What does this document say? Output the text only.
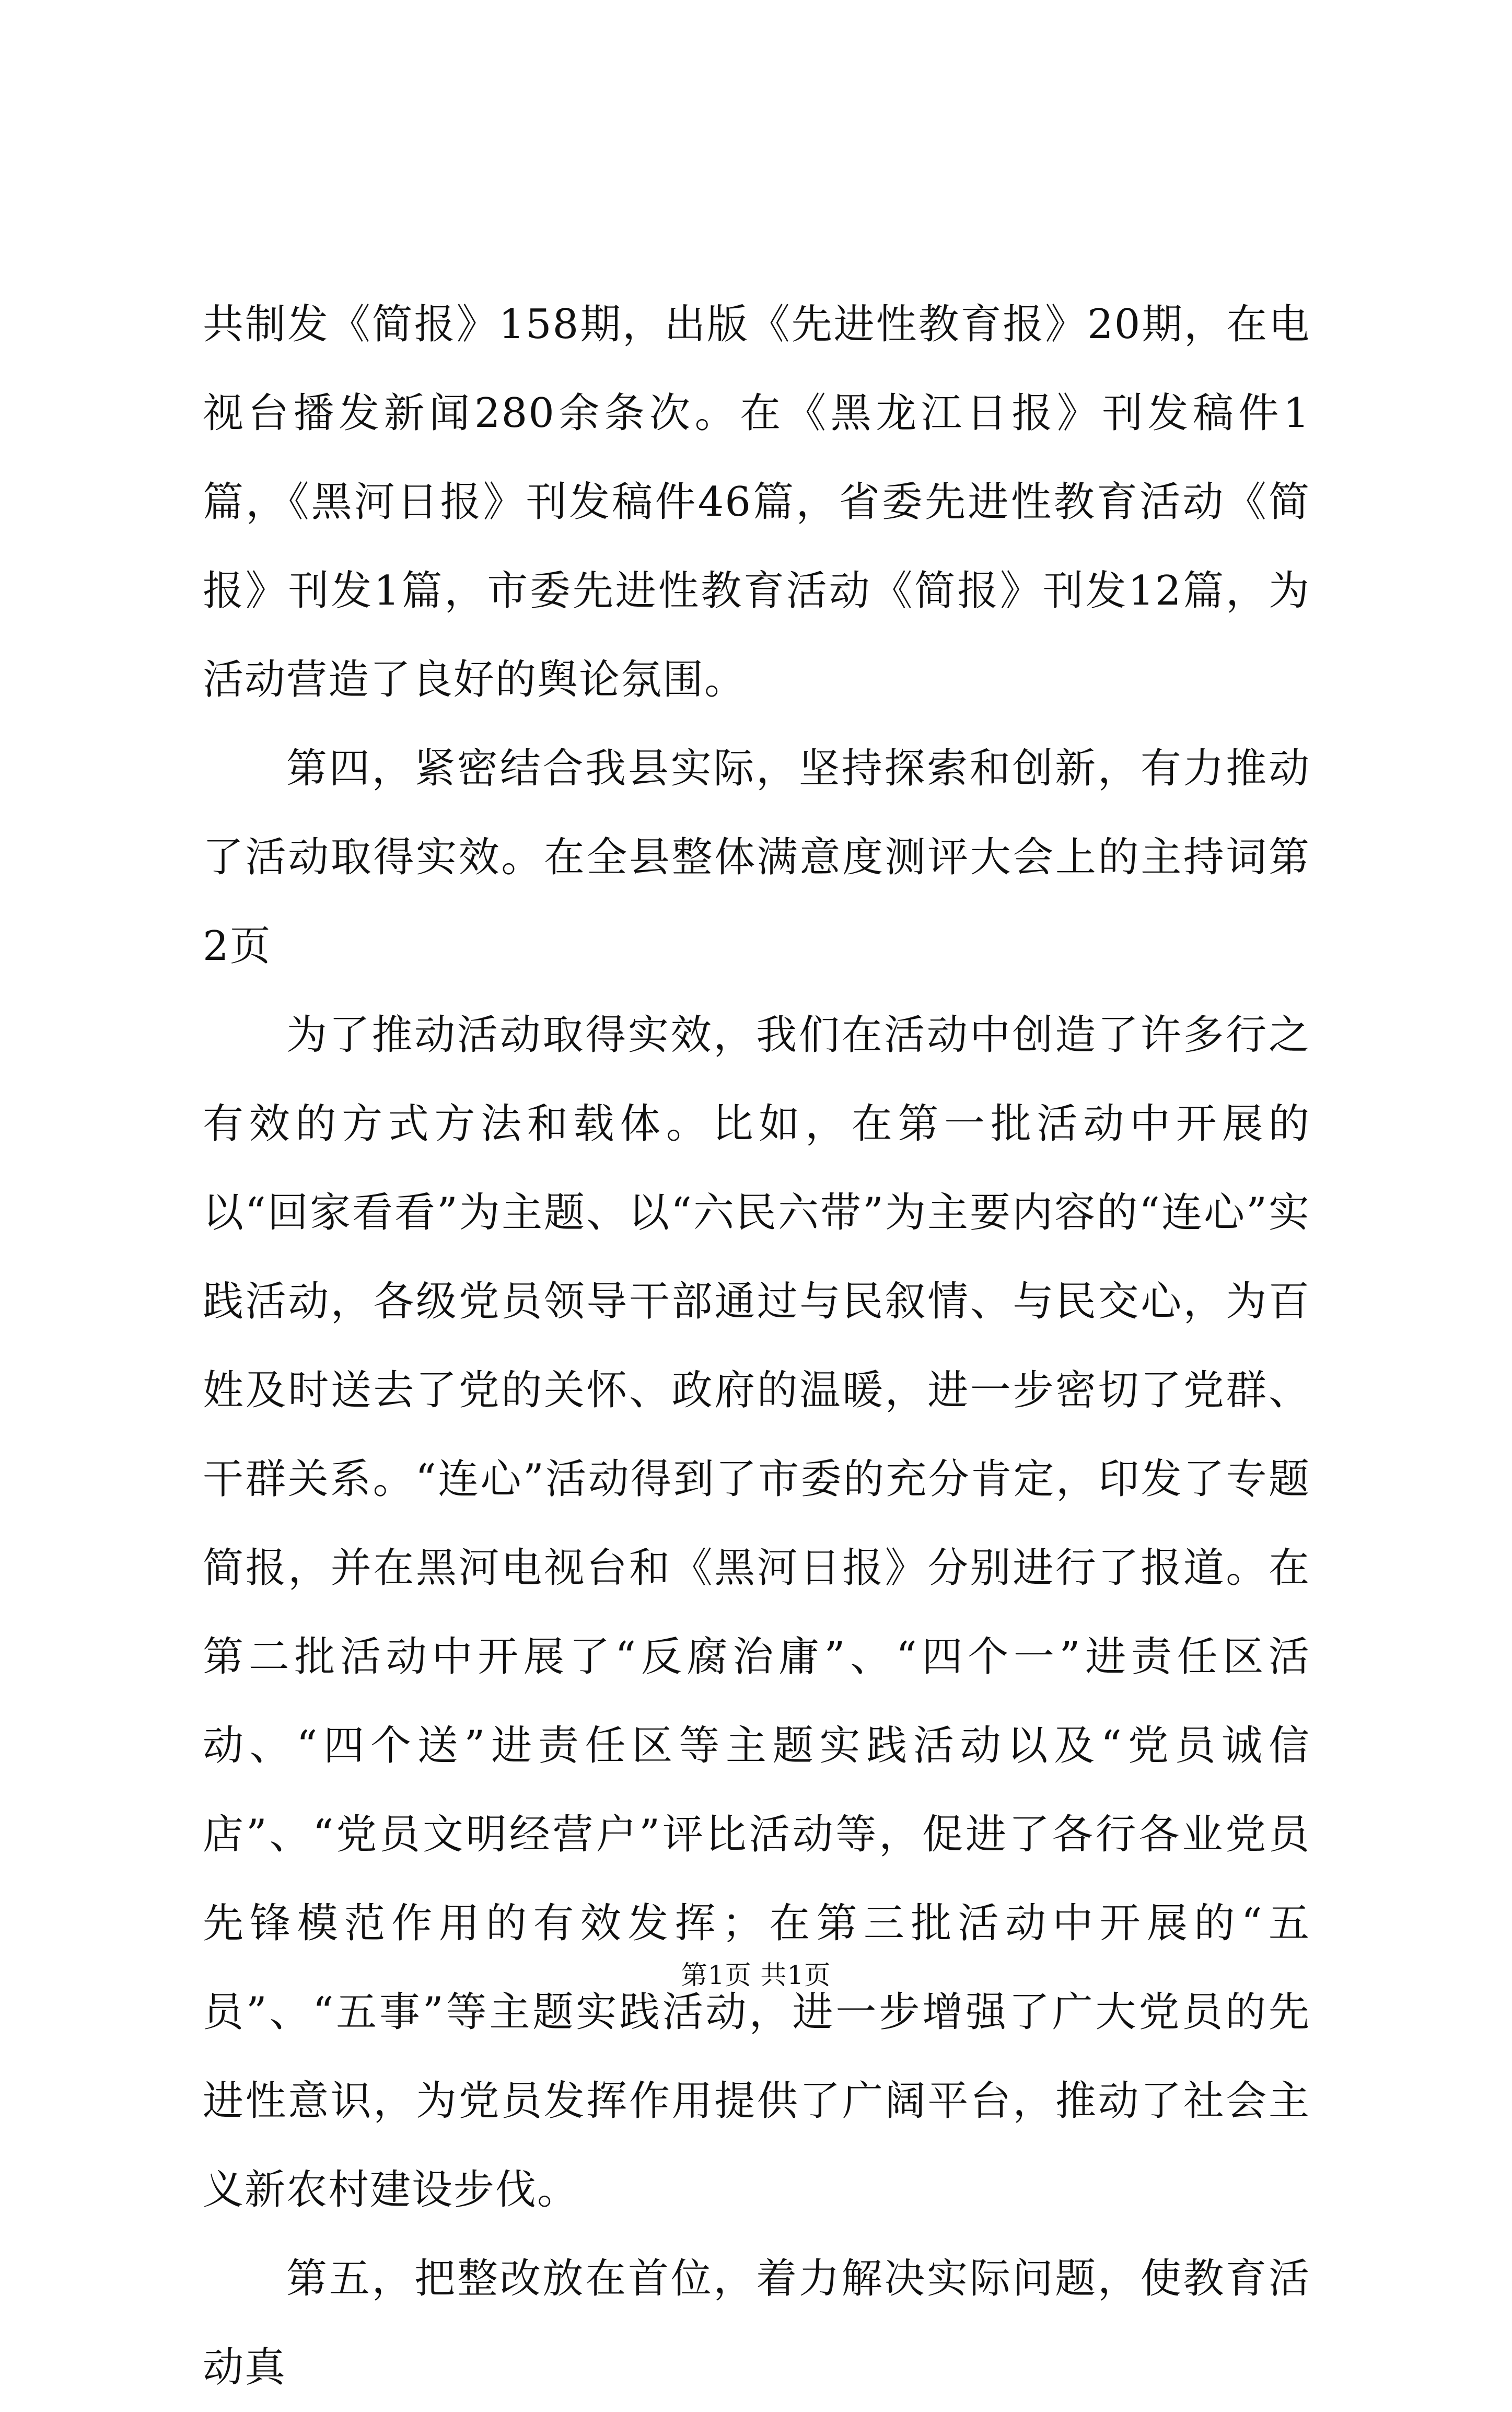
共制发《简报》158期，出版《先进性教育报》20期，在电视台播发新闻280余条次。在《黑龙江日报》刊发稿件1篇，《黑河日报》刊发稿件46篇，省委先进性教育活动《简报》刊发1篇，市委先进性教育活动《简报》刊发12篇，为活动营造了良好的舆论氛围。

第四，紧密结合我县实际，坚持探索和创新，有力推动了活动取得实效。在全县整体满意度测评大会上的主持词第2页

为了推动活动取得实效，我们在活动中创造了许多行之有效的方式方法和载体。比如，在第一批活动中开展的以“回家看看”为主题、以“六民六带”为主要内容的“连心”实践活动，各级党员领导干部通过与民叙情、与民交心，为百姓及时送去了党的关怀、政府的温暖，进一步密切了党群、干群关系。“连心”活动得到了市委的充分肯定，印发了专题简报，并在黑河电视台和《黑河日报》分别进行了报道。在第二批活动中开展了“反腐治庸”、“四个一”进责任区活动、“四个送”进责任区等主题实践活动以及“党员诚信店”、“党员文明经营户”评比活动等，促进了各行各业党员先锋模范作用的有效发挥；在第三批活动中开展的“五员”、“五事”等主题实践活动，进一步增强了广大党员的先进性意识，为党员发挥作用提供了广阔平台，推动了社会主义新农村建设步伐。

第五，把整改放在首位，着力解决实际问题，使教育活动真

第1页 共1页
